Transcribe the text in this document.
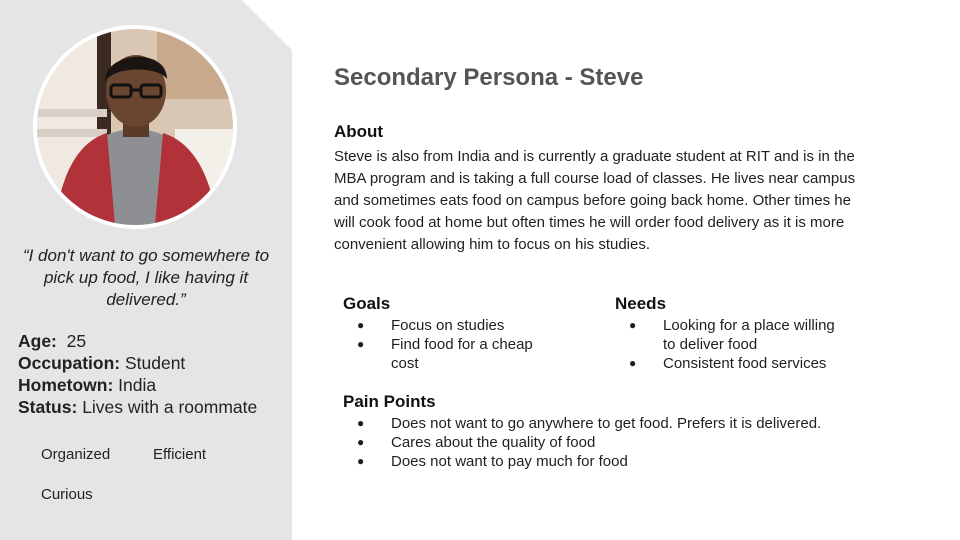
“I don't want to go somewhere to pick up food, I like having it delivered.”
Age: 25
Occupation: Student
Hometown: India
Status: Lives with a roommate
Organized	Efficient
Curious
Secondary Persona - Steve
About
Steve is also from India and is currently a graduate student at RIT and is in the MBA program and is taking a full course load of classes. He lives near campus and sometimes eats food on campus before going back home. Other times he will cook food at home but often times he will order food delivery as it is more convenient allowing him to focus on his studies.
Goals
● Focus on studies
● Find food for a cheap cost
Needs
● Looking for a place willing to deliver food
● Consistent food services
Pain Points
● Does not want to go anywhere to get food. Prefers it is delivered.
● Cares about the quality of food
● Does not want to pay much for food
